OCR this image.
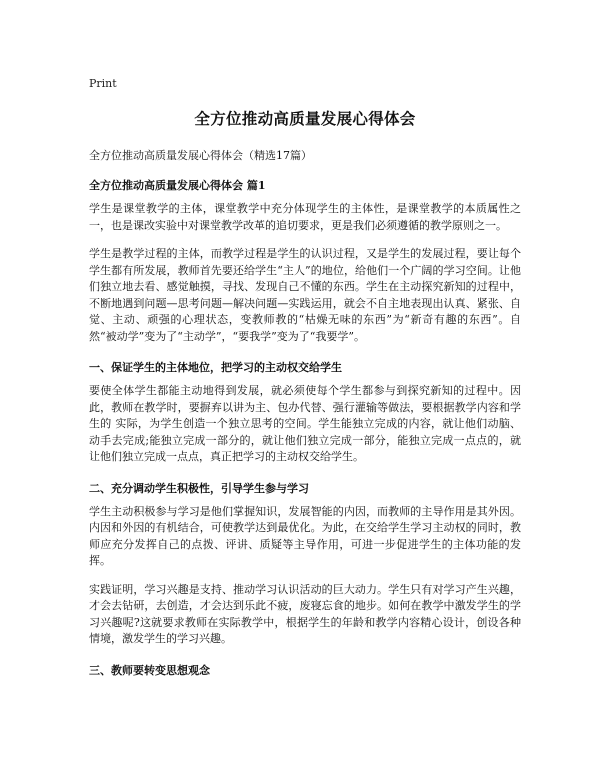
Print
全方位推动高质量发展心得体会

全方位推动高质量发展心得体会（精选17篇）

全方位推动高质量发展心得体会 篇1

学生是课堂教学的主体，课堂教学中充分体现学生的主体性，是课堂教学的本质属性之一，也是课改实验中对课堂教学改革的追切要求，更是我们必须遵循的教学原则之一。

学生是教学过程的主体，而教学过程是学生的认识过程，又是学生的发展过程，要让每个学生都有所发展，教师首先要还给学生“主人”的地位，给他们一个广阔的学习空间。让他们独立地去看、感觉触摸，寻找、发现自己不懂的东西。学生在主动探究新知的过程中，不断地遇到问题—思考问题—解决问题—实践运用，就会不自主地表现出认真、紧张、自觉、主动、顽强的心理状态，变教师教的“枯燥无味的东西”为“新奇有趣的东西”。自然“被动学”变为了“主动学”，“要我学”变为了“我要学”。

一、保证学生的主体地位，把学习的主动权交给学生

要使全体学生都能主动地得到发展，就必须使每个学生都参与到探究新知的过程中。因此，教师在教学时，要摒弃以讲为主、包办代替、强行灌输等做法，要根据教学内容和学生的 实际，为学生创造一个独立思考的空间。学生能独立完成的内容，就让他们动脑、动手去完成;能独立完成一部分的，就让他们独立完成一部分，能独立完成一点点的，就让他们独立完成一点点，真正把学习的主动权交给学生。

二、充分调动学生积极性，引导学生参与学习

学生主动积极参与学习是他们掌握知识，发展智能的内因，而教师的主导作用是其外因。内因和外因的有机结合，可使教学达到最优化。为此，在交给学生学习主动权的同时，教师应充分发挥自己的点拨、评讲、质疑等主导作用，可进一步促进学生的主体功能的发挥。

实践证明，学习兴趣是支持、推动学习认识活动的巨大动力。学生只有对学习产生兴趣，才会去钻研，去创造，才会达到乐此不疲，废寝忘食的地步。如何在教学中激发学生的学习兴趣呢?这就要求教师在实际教学中，根据学生的年龄和教学内容精心设计，创设各种情境，激发学生的学习兴趣。

三、教师要转变思想观念
